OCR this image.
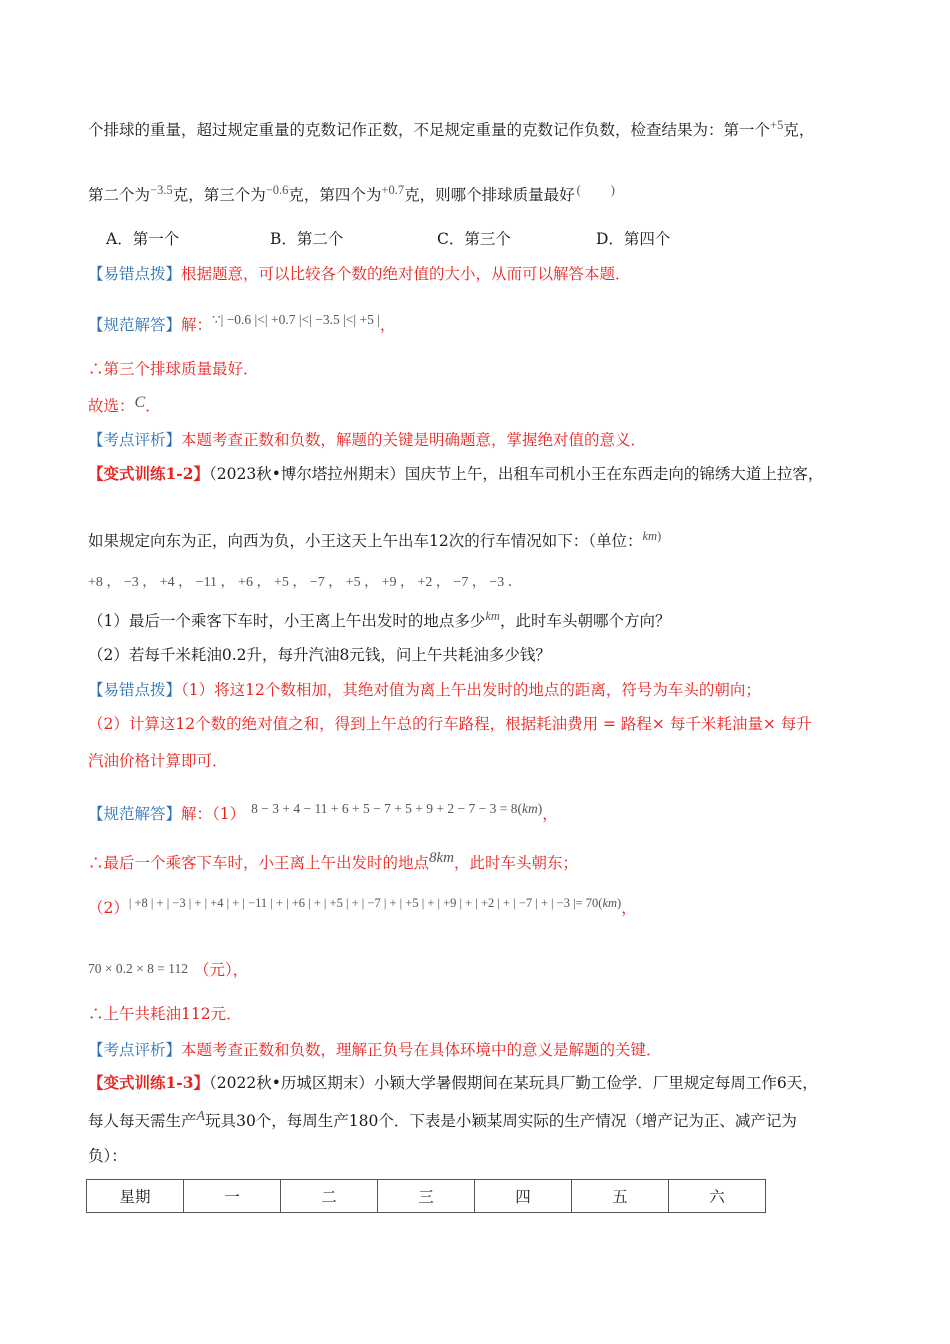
个排球的重量，超过规定重量的克数记作正数，不足规定重量的克数记作负数，检查结果为：第一个$^{+5}$克，
第二个为$^{-3.5}$克，第三个为$^{-0.6}$克，第四个为$^{+0.7}$克，则哪个排球质量最好 ( )
A．第一个	B．第二个	C．第三个	D．第四个
【易错点拨】根据题意，可以比较各个数的绝对值的大小，从而可以解答本题．
【规范解答】解：∵| −0.6 |<| +0.7 |<| −3.5 |<| +5 |，
∴第三个排球质量最好．
故选：C．
【考点评析】本题考查正数和负数，解题的关键是明确题意，掌握绝对值的意义．
【变式训练1-2】（2023秋•博尔塔拉州期末）国庆节上午，出租车司机小王在东西走向的锦绣大道上拉客，
如果规定向东为正，向西为负，小王这天上午出车12次的行车情况如下：（单位：$^{km)}$
+8 ， −3 ， +4 ， −11 ， +6 ， +5 ， −7 ， +5 ， +9 ， +2 ， −7 ， −3 ．
（1）最后一个乘客下车时，小王离上午出发时的地点多少$^{km}$，此时车头朝哪个方向？
（2）若每千米耗油0.2升，每升汽油8元钱，问上午共耗油多少钱？
【易错点拨】（1）将这12个数相加，其绝对值为离上午出发时的地点的距离，符号为车头的朝向；
（2）计算这12个数的绝对值之和，得到上午总的行车路程，根据耗油费用 = 路程× 每千米耗油量× 每升
汽油价格计算即可．
【规范解答】解：（1） 8 − 3 + 4 − 11 + 6 + 5 − 7 + 5 + 9 + 2 − 7 − 3 = 8(km)，
∴最后一个乘客下车时，小王离上午出发时的地点8km，此时车头朝东；
$(2)^{| +8 | + | -3 | + | +4 | + | -11 | + | +6 | + | +5 | + | -7 | + | +5 | + | +9 | + | +2 | + | -7 | + | -3 |= 70(km)}$，
70 × 0.2 × 8 = 112 （元），
∴上午共耗油112元．
【考点评析】本题考查正数和负数，理解正负号在具体环境中的意义是解题的关键．
【变式训练1-3】（2022秋•历城区期末）小颖大学暑假期间在某玩具厂勤工俭学．厂里规定每周工作6天，
每人每天需生产A玩具30个，每周生产180个．下表是小颖某周实际的生产情况（增产记为正、减产记为
负）：
星期	一	二	三	四	五	六
